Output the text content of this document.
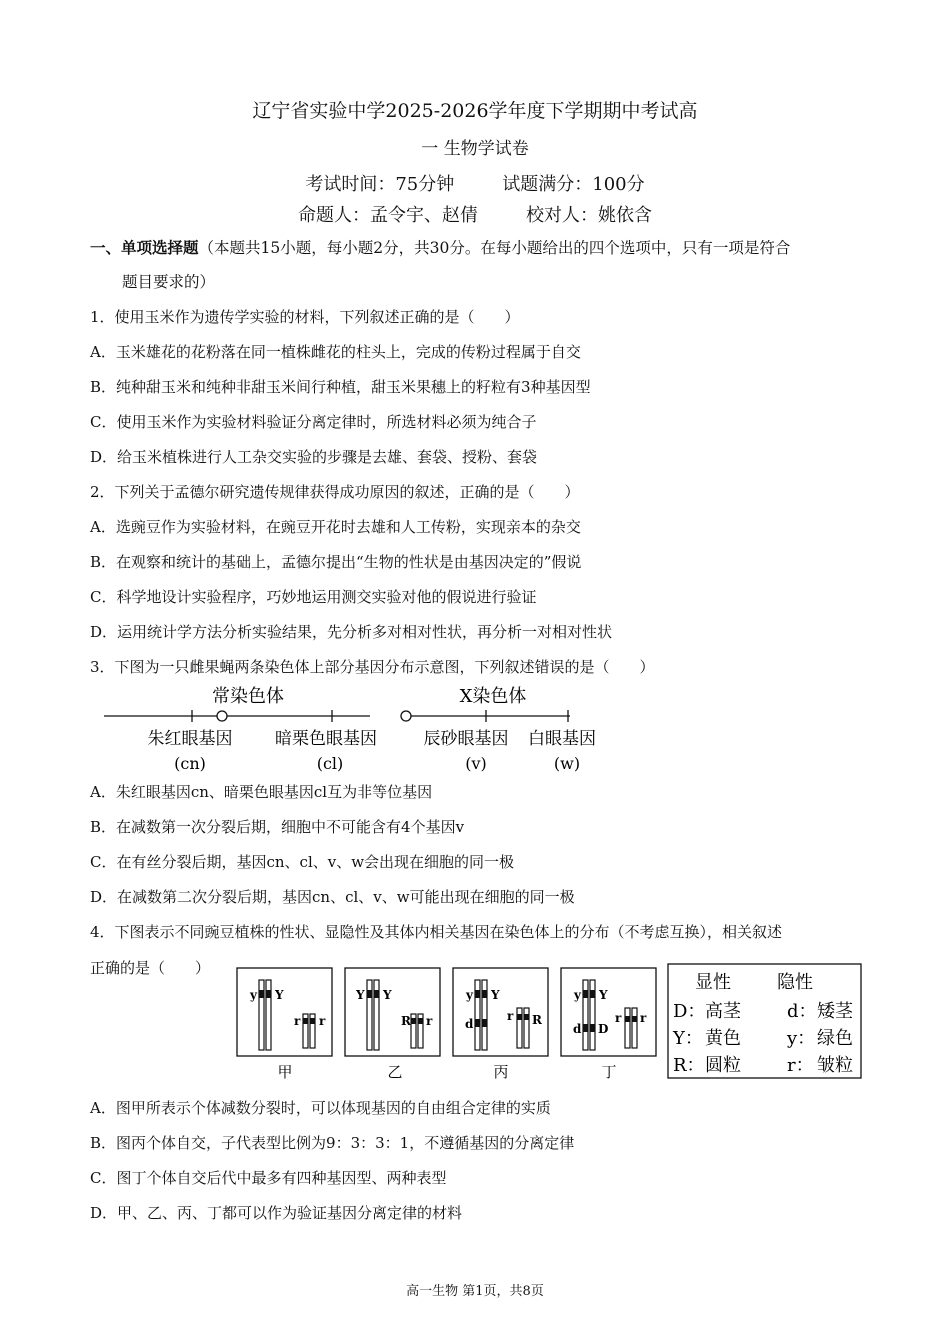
辽宁省实验中学2025-2026学年度下学期期中考试高
一 生物学试卷
考试时间：75分钟	试题满分：100分
命题人：孟令宇、赵倩	校对人：姚依含
一、单项选择题（本题共15小题，每小题2分，共30分。在每小题给出的四个选项中，只有一项是符合
题目要求的）
1．使用玉米作为遗传学实验的材料，下列叙述正确的是（　　）
A．玉米雄花的花粉落在同一植株雌花的柱头上，完成的传粉过程属于自交
B．纯种甜玉米和纯种非甜玉米间行种植，甜玉米果穗上的籽粒有3种基因型
C．使用玉米作为实验材料验证分离定律时，所选材料必须为纯合子
D．给玉米植株进行人工杂交实验的步骤是去雄、套袋、授粉、套袋
2．下列关于孟德尔研究遗传规律获得成功原因的叙述，正确的是（　　）
A．选豌豆作为实验材料，在豌豆开花时去雄和人工传粉，实现亲本的杂交
B．在观察和统计的基础上，孟德尔提出“生物的性状是由基因决定的”假说
C．科学地设计实验程序，巧妙地运用测交实验对他的假说进行验证
D．运用统计学方法分析实验结果，先分析多对相对性状，再分析一对相对性状
3．下图为一只雌果蝇两条染色体上部分基因分布示意图，下列叙述错误的是（　　）
常染色体	X染色体
朱红眼基因	暗栗色眼基因	辰砂眼基因 白眼基因
(cn)	(cl)	(v)	(w)
A．朱红眼基因cn、暗栗色眼基因cl互为非等位基因
B．在减数第一次分裂后期，细胞中不可能含有4个基因v
C．在有丝分裂后期，基因cn、cl、v、w会出现在细胞的同一极
D．在减数第二次分裂后期，基因cn、cl、v、w可能出现在细胞的同一极
4．下图表示不同豌豆植株的性状、显隐性及其体内相关基因在染色体上的分布（不考虑互换），相关叙述
正确的是（　　）
y Y
r r
甲
Y Y
R r
乙
y Y
d
r R
丙
y Y
d D
r r
丁
显性	隐性
D： 高茎	d： 矮茎
Y： 黄色	y： 绿色
R： 圆粒	r： 皱粒
A．图甲所表示个体减数分裂时，可以体现基因的自由组合定律的实质
B．图丙个体自交，子代表型比例为9：3：3：1，不遵循基因的分离定律
C．图丁个体自交后代中最多有四种基因型、两种表型
D．甲、乙、丙、丁都可以作为验证基因分离定律的材料
高一生物 第1页，共8页
